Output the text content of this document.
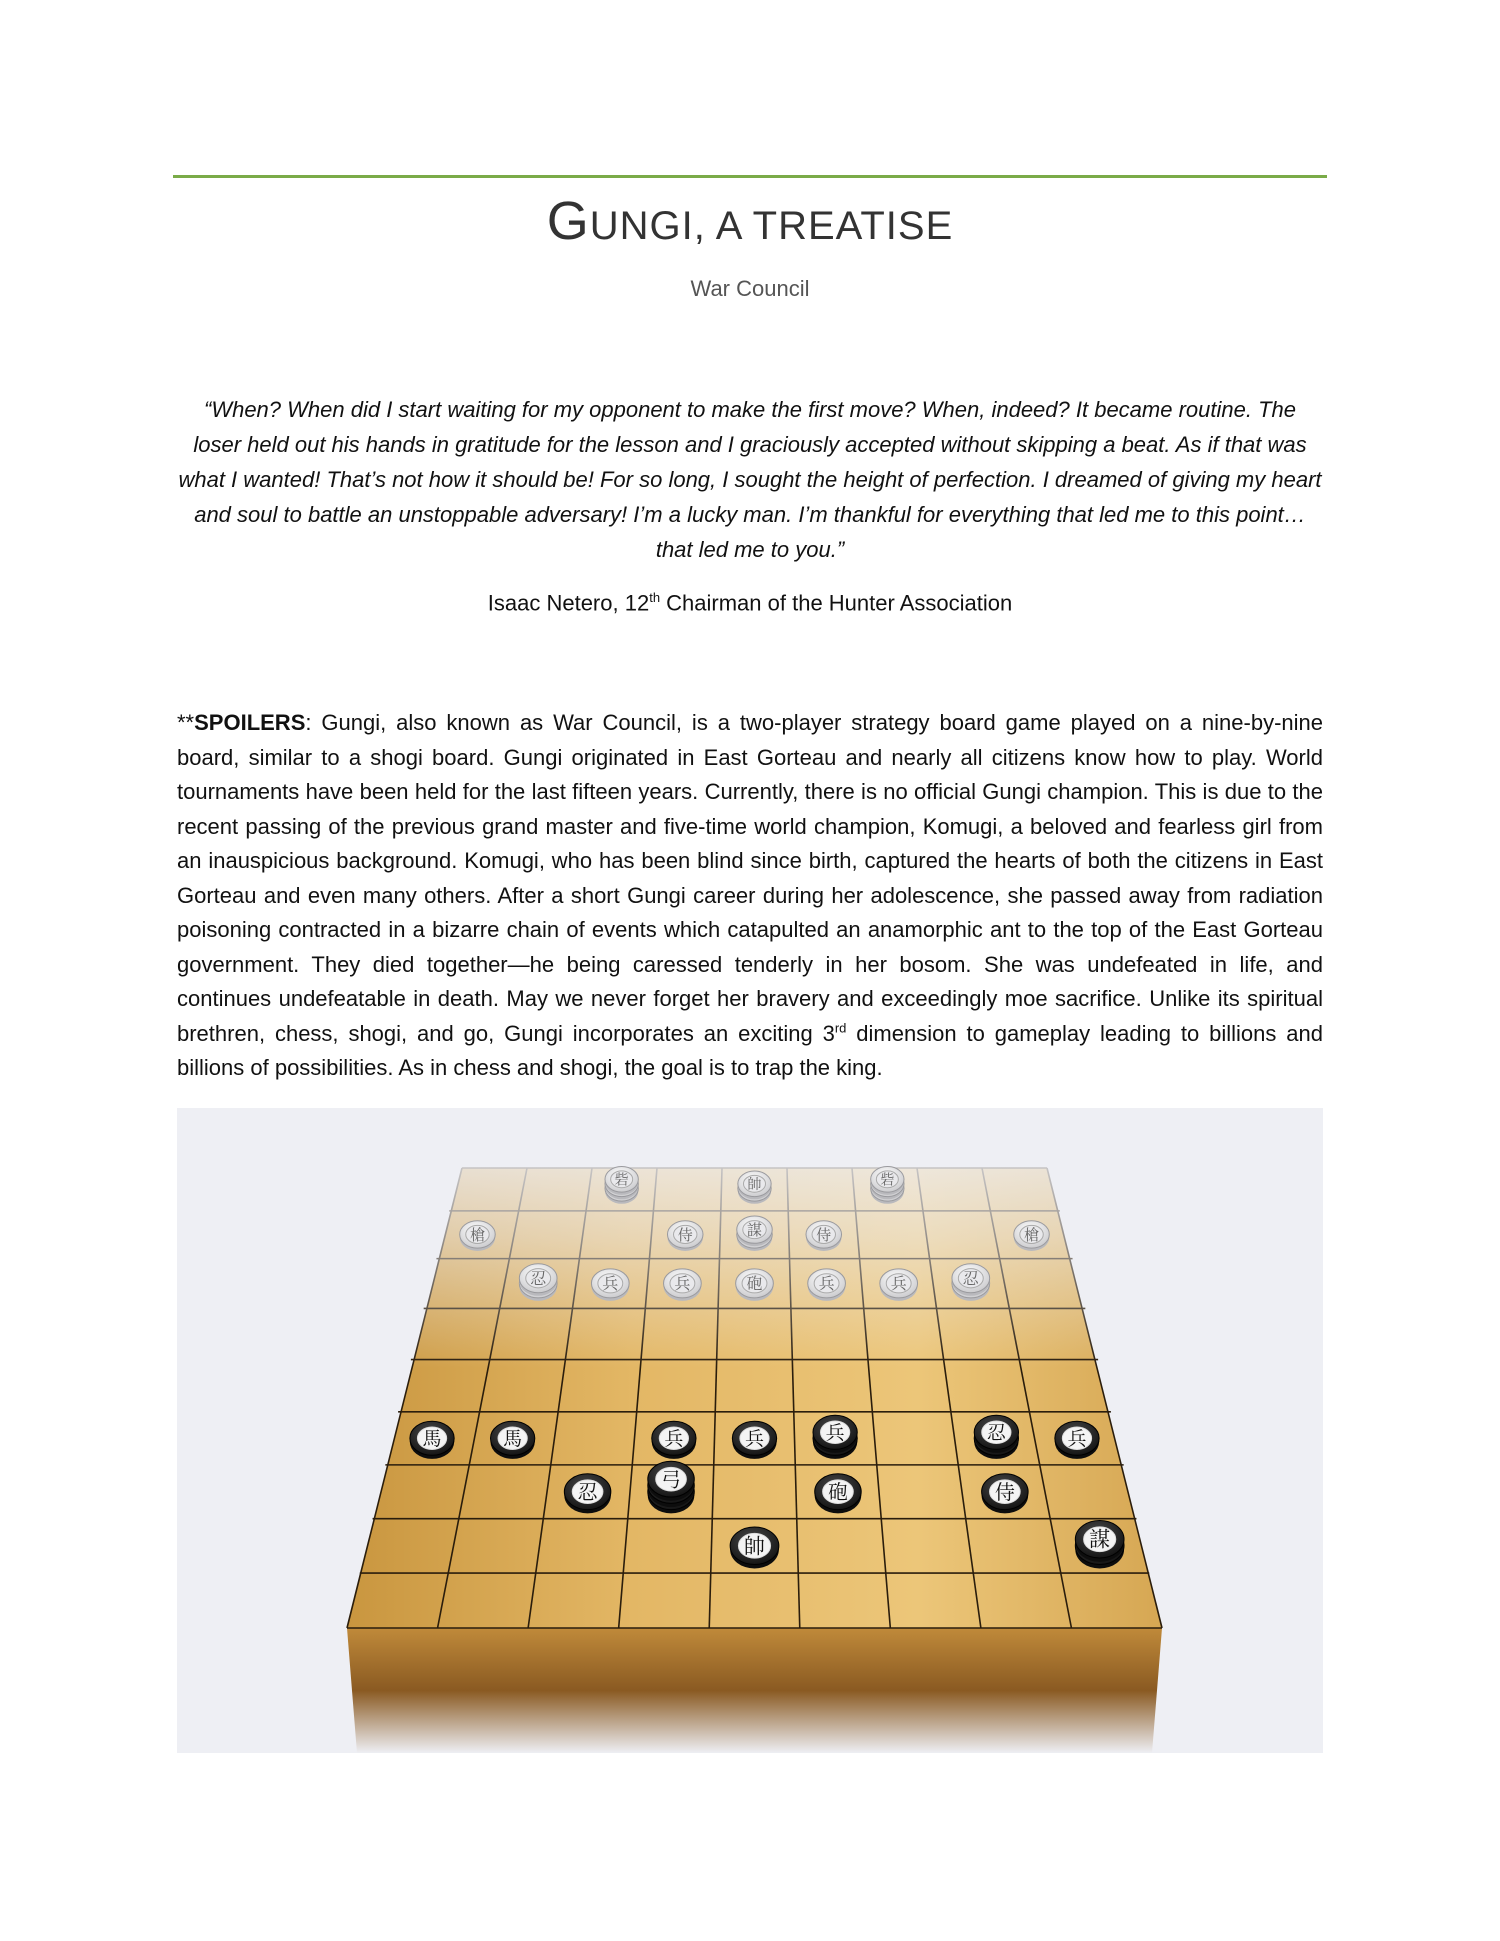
GUNGI, A TREATISE
War Council
“When? When did I start waiting for my opponent to make the first move? When, indeed? It became routine. The loser held out his hands in gratitude for the lesson and I graciously accepted without skipping a beat. As if that was what I wanted! That’s not how it should be! For so long, I sought the height of perfection. I dreamed of giving my heart and soul to battle an unstoppable adversary! I’m a lucky man. I’m thankful for everything that led me to this point… that led me to you.”
Isaac Netero, 12th Chairman of the Hunter Association
**SPOILERS: Gungi, also known as War Council, is a two-player strategy board game played on a nine-by-nine board, similar to a shogi board. Gungi originated in East Gorteau and nearly all citizens know how to play. World tournaments have been held for the last fifteen years. Currently, there is no official Gungi champion. This is due to the recent passing of the previous grand master and five-time world champion, Komugi, a beloved and fearless girl from an inauspicious background. Komugi, who has been blind since birth, captured the hearts of both the citizens in East Gorteau and even many others. After a short Gungi career during her adolescence, she passed away from radiation poisoning contracted in a bizarre chain of events which catapulted an anamorphic ant to the top of the East Gorteau government. They died together—he being caressed tenderly in her bosom. She was undefeated in life, and continues undefeatable in death. May we never forget her bravery and exceedingly moe sacrifice. Unlike its spiritual brethren, chess, shogi, and go, Gungi incorporates an exciting 3rd dimension to gameplay leading to billions and billions of possibilities. As in chess and shogi, the goal is to trap the king.
砦	帥	砦
槍	侍	謀	侍	槍
忍	兵	兵	砲	兵	兵	忍
馬	馬	兵	兵	兵	忍	兵
忍
弓
砲	侍
帥	謀
